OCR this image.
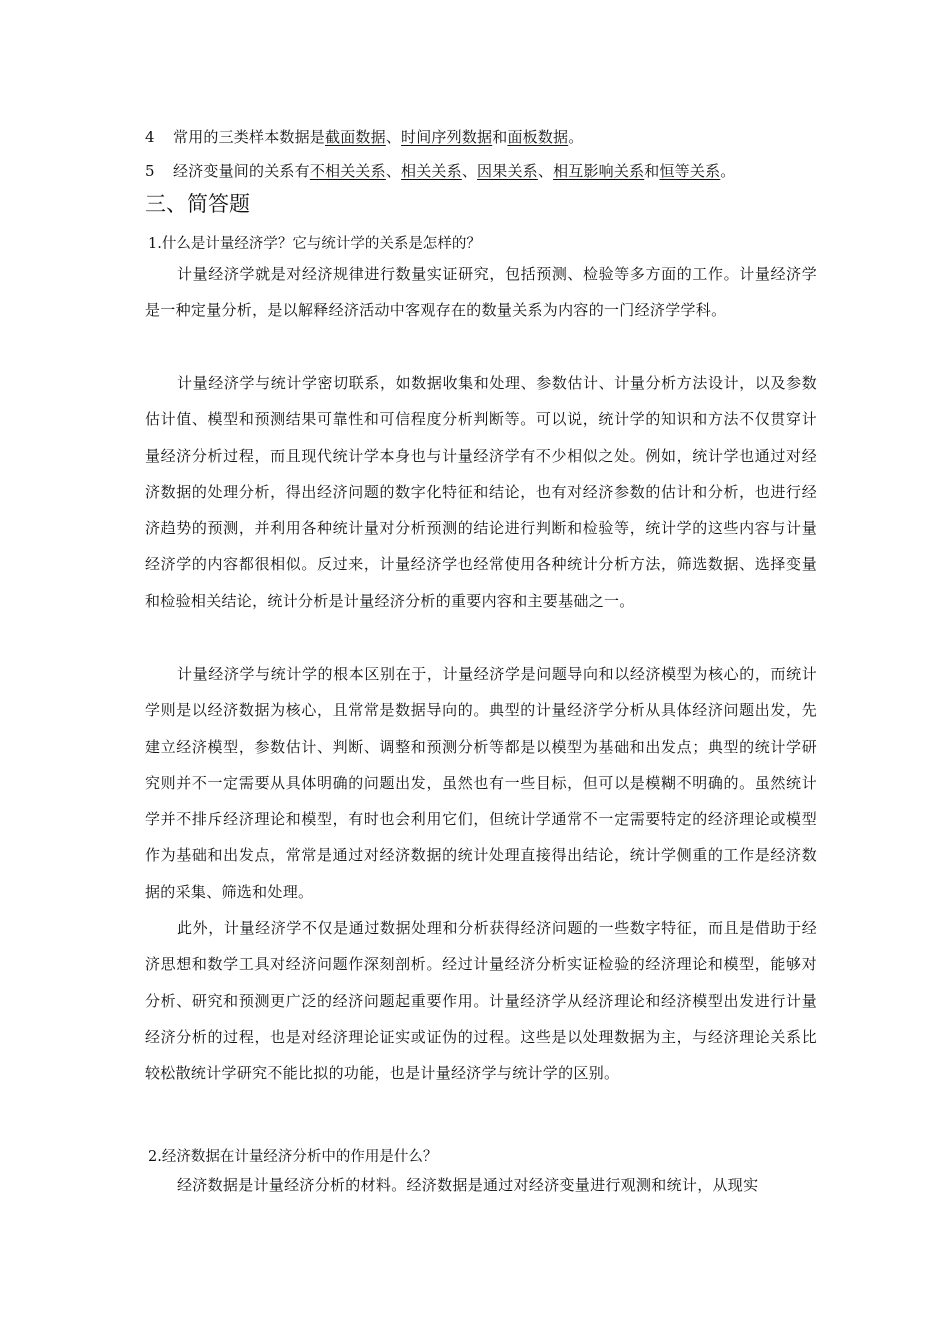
4 常用的三类样本数据是截面数据、时间序列数据和面板数据。
5 经济变量间的关系有不相关关系、相关关系、因果关系、相互影响关系和恒等关系。
三、简答题
1.什么是计量经济学？它与统计学的关系是怎样的？

计量经济学就是对经济规律进行数量实证研究，包括预测、检验等多方面的工作。计量经济学是一种定量分析，是以解释经济活动中客观存在的数量关系为内容的一门经济学学科。

计量经济学与统计学密切联系，如数据收集和处理、参数估计、计量分析方法设计，以及参数估计值、模型和预测结果可靠性和可信程度分析判断等。可以说，统计学的知识和方法不仅贯穿计量经济分析过程，而且现代统计学本身也与计量经济学有不少相似之处。例如，统计学也通过对经济数据的处理分析，得出经济问题的数字化特征和结论，也有对经济参数的估计和分析，也进行经济趋势的预测，并利用各种统计量对分析预测的结论进行判断和检验等，统计学的这些内容与计量经济学的内容都很相似。反过来，计量经济学也经常使用各种统计分析方法，筛选数据、选择变量和检验相关结论，统计分析是计量经济分析的重要内容和主要基础之一。

计量经济学与统计学的根本区别在于，计量经济学是问题导向和以经济模型为核心的，而统计学则是以经济数据为核心，且常常是数据导向的。典型的计量经济学分析从具体经济问题出发，先建立经济模型，参数估计、判断、调整和预测分析等都是以模型为基础和出发点；典型的统计学研究则并不一定需要从具体明确的问题出发，虽然也有一些目标，但可以是模糊不明确的。虽然统计学并不排斥经济理论和模型，有时也会利用它们，但统计学通常不一定需要特定的经济理论或模型作为基础和出发点，常常是通过对经济数据的统计处理直接得出结论，统计学侧重的工作是经济数据的采集、筛选和处理。

此外，计量经济学不仅是通过数据处理和分析获得经济问题的一些数字特征，而且是借助于经济思想和数学工具对经济问题作深刻剖析。经过计量经济分析实证检验的经济理论和模型，能够对分析、研究和预测更广泛的经济问题起重要作用。计量经济学从经济理论和经济模型出发进行计量经济分析的过程，也是对经济理论证实或证伪的过程。这些是以处理数据为主，与经济理论关系比较松散统计学研究不能比拟的功能，也是计量经济学与统计学的区别。

2.经济数据在计量经济分析中的作用是什么？

经济数据是计量经济分析的材料。经济数据是通过对经济变量进行观测和统计，从现实
